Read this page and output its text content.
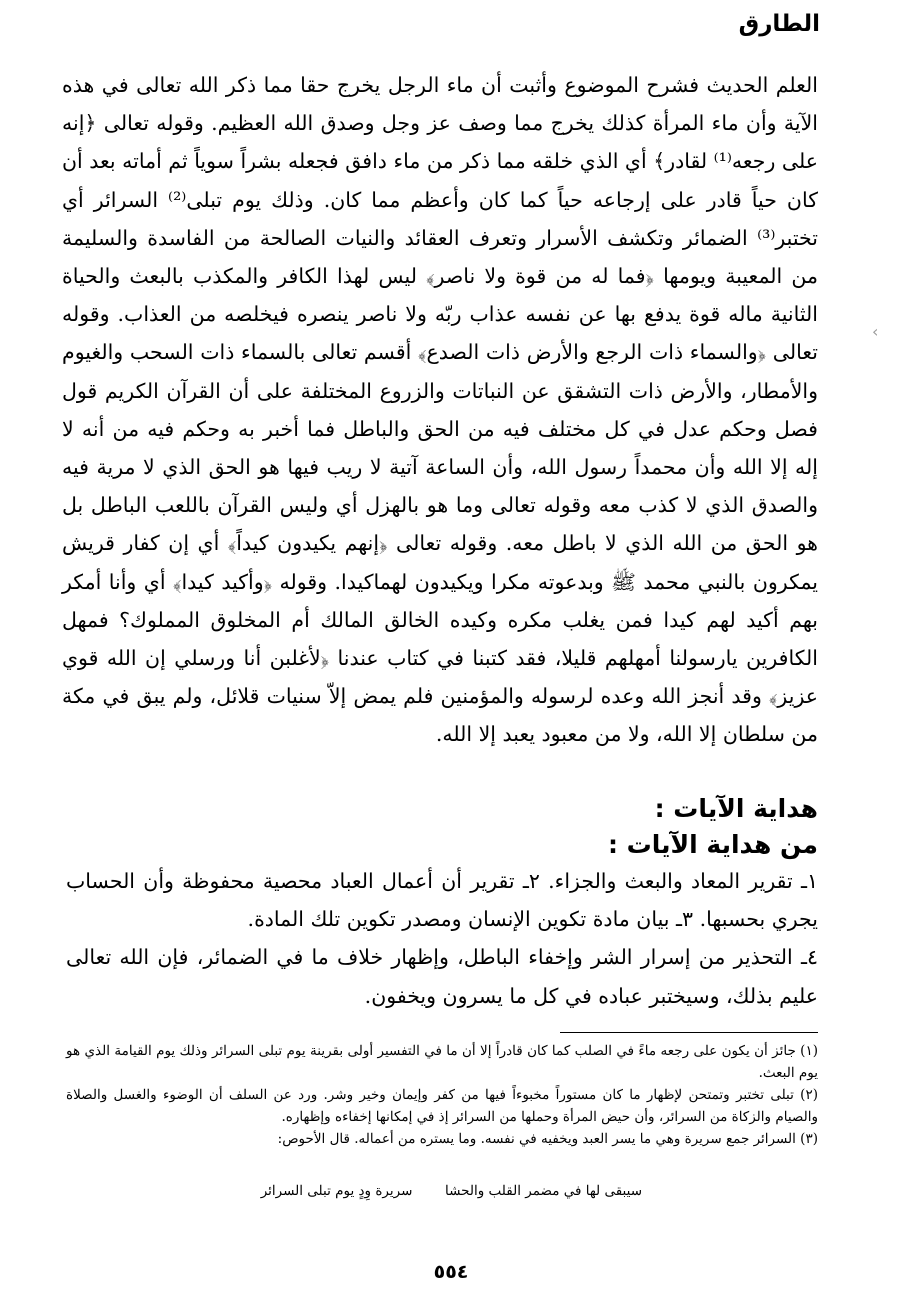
الطارق

العلم الحديث فشرح الموضوع وأثبت أن ماء الرجل يخرج حقا مما ذكر الله تعالى في هذه الآية وأن ماء المرأة كذلك يخرج مما وصف عز وجل وصدق الله العظيم. وقوله تعالى ﴿إنه على رجعه⁽¹⁾ لقادر﴾ أي الذي خلقه مما ذكر من ماء دافق فجعله بشراً سوياً ثم أماته بعد أن كان حياً قادر على إرجاعه حياً كما كان وأعظم مما كان. وذلك يوم تبلى⁽²⁾ السرائر أي تختبر⁽³⁾ الضمائر وتكشف الأسرار وتعرف العقائد والنيات الصالحة من الفاسدة والسليمة من المعيبة ويومها ﴿فما له من قوة ولا ناصر﴾ ليس لهذا الكافر والمكذب بالبعث والحياة الثانية ماله قوة يدفع بها عن نفسه عذاب ربّه ولا ناصر ينصره فيخلصه من العذاب. وقوله تعالى ﴿والسماء ذات الرجع والأرض ذات الصدع﴾ أقسم تعالى بالسماء ذات السحب والغيوم والأمطار، والأرض ذات التشقق عن النباتات والزروع المختلفة على أن القرآن الكريم قول فصل وحكم عدل في كل مختلف فيه من الحق والباطل فما أخبر به وحكم فيه من أنه لا إله إلا الله وأن محمداً رسول الله، وأن الساعة آتية لا ريب فيها هو الحق الذي لا مرية فيه والصدق الذي لا كذب معه وقوله تعالى وما هو بالهزل أي وليس القرآن باللعب الباطل بل هو الحق من الله الذي لا باطل معه. وقوله تعالى ﴿إنهم يكيدون كيداً﴾ أي إن كفار قريش يمكرون بالنبي محمد ﷺ وبدعوته مكرا ويكيدون لهماكيدا. وقوله ﴿وأكيد كيدا﴾ أي وأنا أمكر بهم أكيد لهم كيدا فمن يغلب مكره وكيده الخالق المالك أم المخلوق المملوك؟ فمهل الكافرين يارسولنا أمهلهم قليلا، فقد كتبنا في كتاب عندنا ﴿لأغلبن أنا ورسلي إن الله قوي عزيز﴾ وقد أنجز الله وعده لرسوله والمؤمنين فلم يمض إلاّ سنيات قلائل، ولم يبق في مكة من سلطان إلا الله، ولا من معبود يعبد إلا الله.

هداية الآيات :
من هداية الآيات :

١ـ تقرير المعاد والبعث والجزاء. ٢ـ تقرير أن أعمال العباد محصية محفوظة وأن الحساب يجري بحسبها. ٣ـ بيان مادة تكوين الإنسان ومصدر تكوين تلك المادة.

٤ـ التحذير من إسرار الشر وإخفاء الباطل، وإظهار خلاف ما في الضمائر، فإن الله تعالى عليم بذلك، وسيختبر عباده في كل ما يسرون ويخفون.

(١) جائز أن يكون على رجعه ماءً في الصلب كما كان قادراً إلا أن ما في التفسير أولى بقرينة يوم تبلى السرائر وذلك يوم القيامة الذي هو يوم البعث.

(٢) تبلى تختبر وتمتحن لإظهار ما كان مستوراً مخبوءاً فيها من كفر وإيمان وخير وشر. ورد عن السلف أن الوضوء والغسل والصلاة والصيام والزكاة من السرائر، وأن حيض المرأة وحملها من السرائر إذ في إمكانها إخفاءه وإظهاره.

(٣) السرائر جمع سريرة وهي ما يسر العبد ويخفيه في نفسه. وما يستره من أعماله. قال الأحوص:

سيبقى لها في مضمر القلب والحشا  سريرة وِدٍ يوم تبلى السرائر
٥٥٤
‹
